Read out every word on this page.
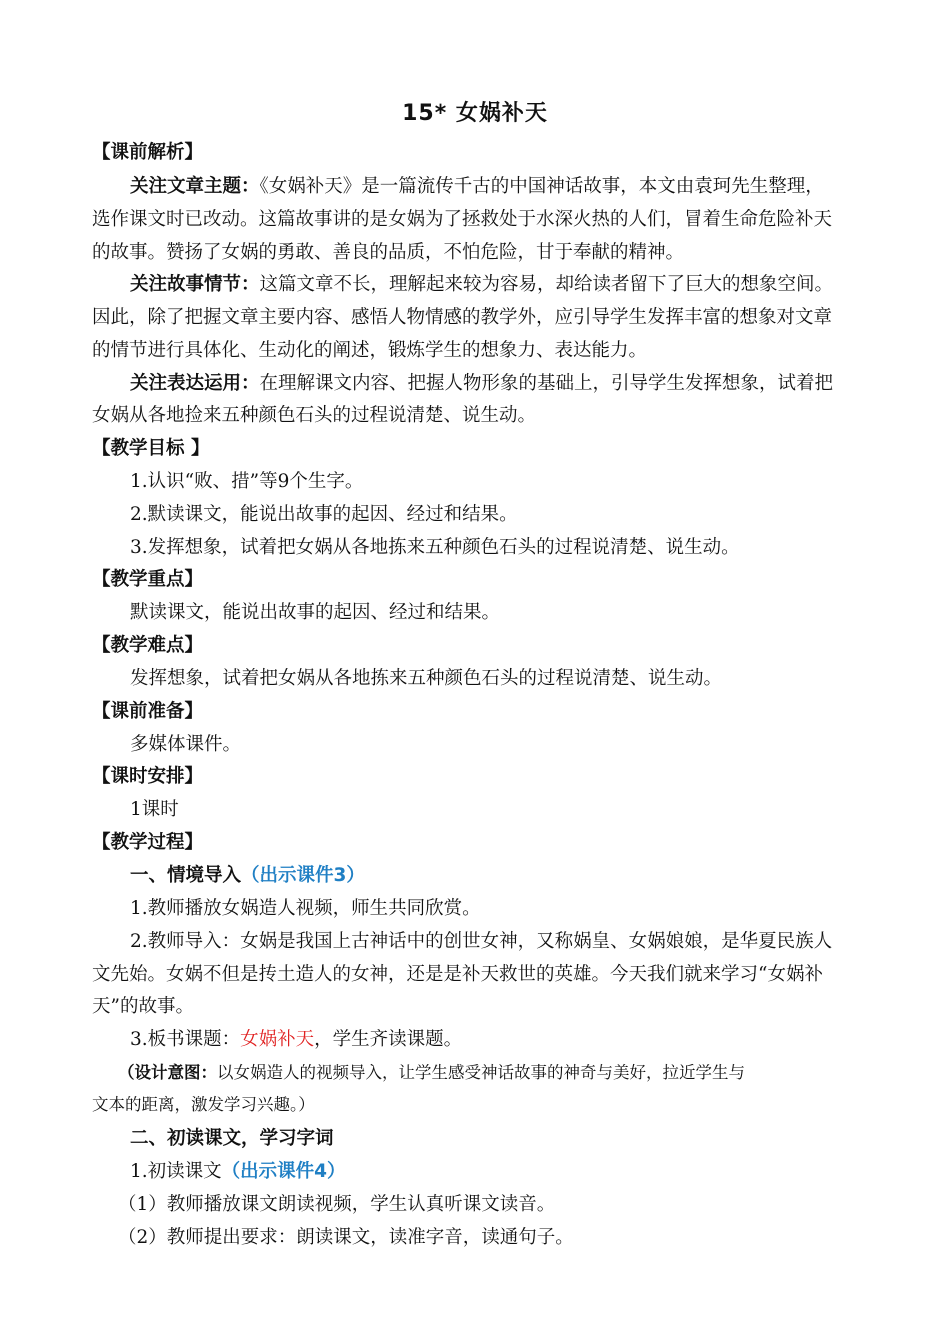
15* 女娲补天
【课前解析】
关注文章主题：《女娲补天》是一篇流传千古的中国神话故事，本文由袁珂先生整理，
选作课文时已改动。这篇故事讲的是女娲为了拯救处于水深火热的人们，冒着生命危险补天
的故事。赞扬了女娲的勇敢、善良的品质，不怕危险，甘于奉献的精神。
关注故事情节：这篇文章不长，理解起来较为容易，却给读者留下了巨大的想象空间。
因此，除了把握文章主要内容、感悟人物情感的教学外，应引导学生发挥丰富的想象对文章
的情节进行具体化、生动化的阐述，锻炼学生的想象力、表达能力。
关注表达运用：在理解课文内容、把握人物形象的基础上，引导学生发挥想象，试着把
女娲从各地捡来五种颜色石头的过程说清楚、说生动。
【教学目标 】
1.认识“败、措”等9个生字。
2.默读课文，能说出故事的起因、经过和结果。
3.发挥想象，试着把女娲从各地拣来五种颜色石头的过程说清楚、说生动。
【教学重点】
默读课文，能说出故事的起因、经过和结果。
【教学难点】
发挥想象，试着把女娲从各地拣来五种颜色石头的过程说清楚、说生动。
【课前准备】
多媒体课件。
【课时安排】
1课时
【教学过程】
一、情境导入（出示课件3）
1.教师播放女娲造人视频，师生共同欣赏。
2.教师导入：女娲是我国上古神话中的创世女神，又称娲皇、女娲娘娘，是华夏民族人
文先始。女娲不但是抟土造人的女神，还是是补天救世的英雄。今天我们就来学习“女娲补
天”的故事。
3.板书课题：女娲补天，学生齐读课题。
（设计意图：以女娲造人的视频导入，让学生感受神话故事的神奇与美好，拉近学生与
文本的距离，激发学习兴趣。）
二、初读课文，学习字词
1.初读课文（出示课件4）
（1）教师播放课文朗读视频，学生认真听课文读音。
（2）教师提出要求：朗读课文，读准字音，读通句子。
